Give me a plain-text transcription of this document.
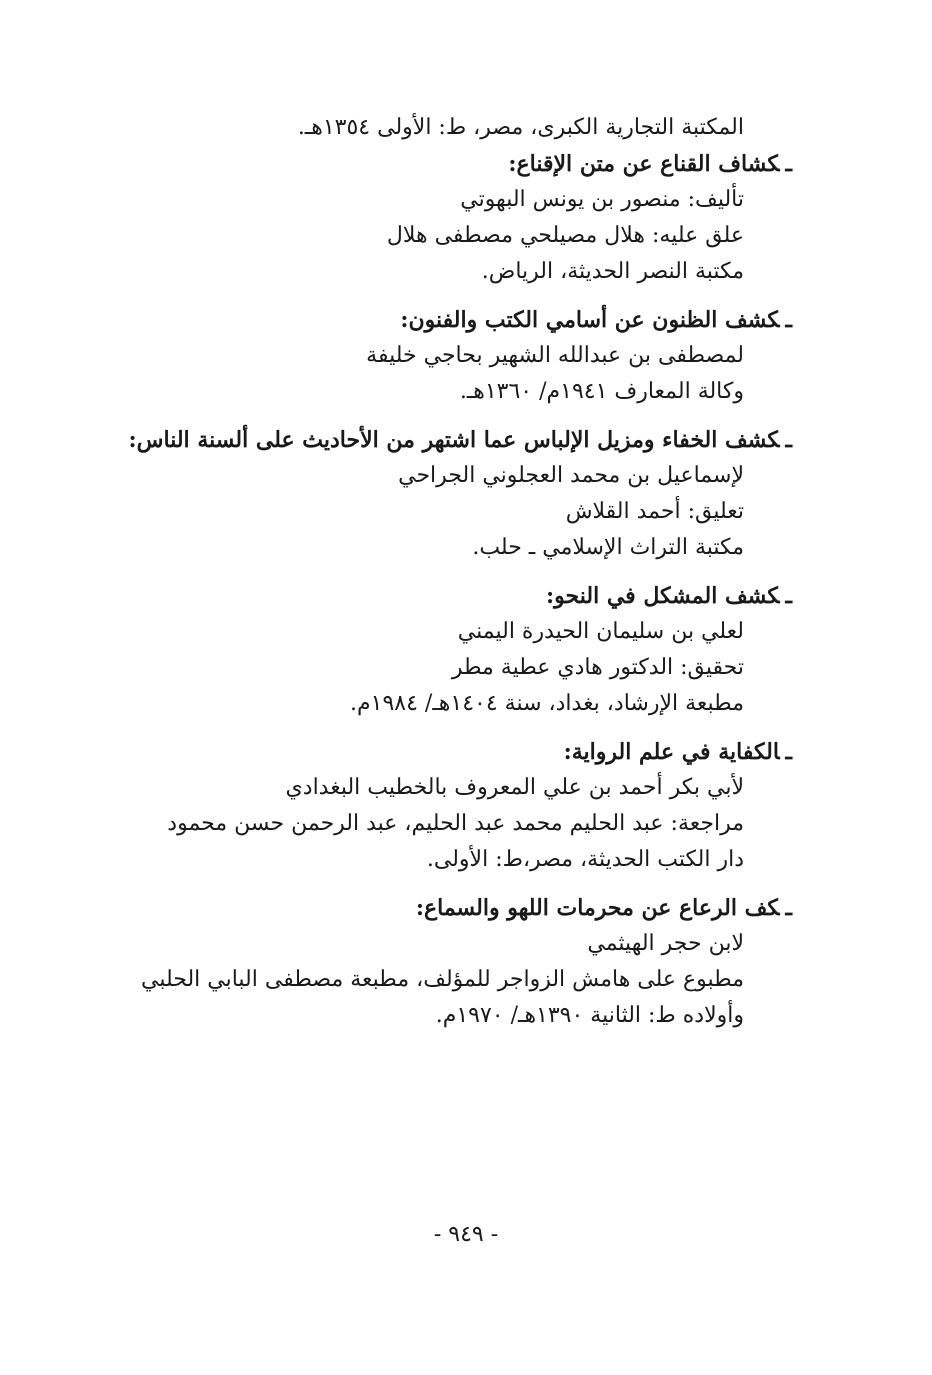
المكتبة التجارية الكبرى، مصر، ط: الأولى ١٣٥٤هـ.
ـكشاف القناع عن متن الإقناع:
تأليف: منصور بن يونس البهوتي
علق عليه: هلال مصيلحي مصطفى هلال
مكتبة النصر الحديثة، الرياض.
ـكشف الظنون عن أسامي الكتب والفنون:
لمصطفى بن عبدالله الشهير بحاجي خليفة
وكالة المعارف ١٩٤١م/ ١٣٦٠هـ.
ـكشف الخفاء ومزيل الإلباس عما اشتهر من الأحاديث على ألسنة الناس:
لإسماعيل بن محمد العجلوني الجراحي
تعليق: أحمد القلاش
مكتبة التراث الإسلامي ـ حلب.
ـكشف المشكل في النحو:
لعلي بن سليمان الحيدرة اليمني
تحقيق: الدكتور هادي عطية مطر
مطبعة الإرشاد، بغداد، سنة ١٤٠٤هـ/ ١٩٨٤م.
ـالكفاية في علم الرواية:
لأبي بكر أحمد بن علي المعروف بالخطيب البغدادي
مراجعة: عبد الحليم محمد عبد الحليم، عبد الرحمن حسن محمود
دار الكتب الحديثة، مصر،ط: الأولى.
ـكف الرعاع عن محرمات اللهو والسماع:
لابن حجر الهيثمي
مطبوع على هامش الزواجر للمؤلف، مطبعة مصطفى البابي الحلبي
وأولاده ط: الثانية ١٣٩٠هـ/ ١٩٧٠م.
- ٩٤٩ -
